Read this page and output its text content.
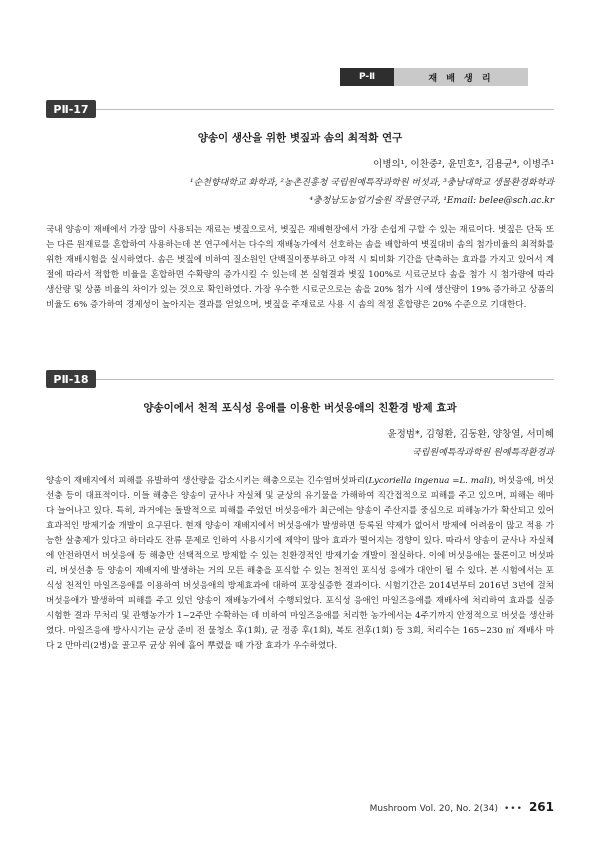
P-Ⅱ	재 배 생 리
PⅡ-17
양송이 생산을 위한 볏짚과 솜의 최적화 연구
이병의¹, 이찬중², 윤민호³, 김용균⁴, 이병주¹
¹순천향대학교 화학과, ²농촌진흥청 국립원예특작과학원 버섯과, ³충남대학교 생물환경화학과
⁴충청남도농업기술원 작물연구과, ¹Email: belee@sch.ac.kr

국내 양송이 재배에서 가장 많이 사용되는 재료는 볏짚으로서, 볏짚은 재배현장에서 가장 손쉽게 구할 수 있는 재료이다. 볏짚은 단독 또는 다른 원재료를 혼합하여 사용하는데 본 연구에서는 다수의 재배농가에서 선호하는 솜을 배합하여 볏짚대비 솜의 첨가비율의 최적화를 위한 재배시험을 실시하였다. 솜은 볏짚에 비하여 질소원인 단백질이풍부하고 야적 시 퇴비화 기간을 단축하는 효과를 가지고 있어서 계절에 따라서 적합한 비율을 혼합하면 수확량의 증가시킬 수 있는데 본 실험결과 볏짚 100%로 시료군보다 솜을 첨가 시 첨가량에 따라 생산량 및 상품 비율의 차이가 있는 것으로 확인하였다. 가장 우수한 시료군으로는 솜을 20% 첨가 시에 생산량이 19% 증가하고 상품의 비율도 6% 증가하여 경제성이 높아지는 결과를 얻었으며, 볏짚을 주재료로 사용 시 솜의 적정 혼합량은 20% 수준으로 기대한다.

PⅡ-18
양송이에서 천적 포식성 응애를 이용한 버섯응애의 친환경 방제 효과
윤정범*, 김형환, 김동환, 양창열, 서미혜
국립원예특작과학원 원예특작환경과

양송이 재배지에서 피해를 유발하여 생산량을 감소시키는 해충으로는 긴수염버섯파리(Lycoriella ingenua =L. mali), 버섯응애, 버섯선충 등이 대표적이다. 이들 해충은 양송이 균사나 자실체 및 균상의 유기물을 가해하여 직간접적으로 피해를 주고 있으며, 피해는 해마다 늘어나고 있다. 특히, 과거에는 돌발적으로 피해를 주었던 버섯응애가 최근에는 양송이 주산지를 중심으로 피해농가가 확산되고 있어 효과적인 방제기술 개발이 요구된다. 현재 양송이 재배지에서 버섯응애가 발생하면 등록된 약제가 없어서 방제에 어려움이 많고 적용 가능한 살충제가 있다고 하더라도 잔류 문제로 인하여 사용시기에 제약이 많아 효과가 떨어지는 경향이 있다. 따라서 양송이 균사나 자실체에 안전하면서 버섯응애 등 해충만 선택적으로 방제할 수 있는 친환경적인 방제기술 개발이 절실하다. 이에 버섯응애는 물론이고 버섯파리, 버섯선충 등 양송이 재배지에 발생하는 거의 모든 해충을 포식할 수 있는 천적인 포식성 응애가 대안이 될 수 있다. 본 시험에서는 포식성 천적인 마일즈응애를 이용하여 버섯응애의 방제효과에 대하여 포장실증한 결과이다. 시험기간은 2014년부터 2016년 3년에 걸쳐 버섯응애가 발생하여 피해를 주고 있던 양송이 재배농가에서 수행되었다. 포식성 응애인 마일즈응애를 재배사에 처리하여 효과를 실증 시험한 결과 무처리 및 관행농가가 1~2주만 수확하는 데 비하여 마일즈응애를 처리한 농가에서는 4주기까지 안정적으로 버섯을 생산하였다. 마일즈응애 방사시기는 균상 준비 전 물청소 후(1회), 균 정종 후(1회), 복토 전후(1회) 등 3회, 처리수는 165~230 ㎡ 재배사 마다 2 만마리(2병)을 골고루 균상 위에 흘어 뿌렸을 때 가장 효과가 우수하였다.

Mushroom Vol. 20, No. 2(34) ••• 261
